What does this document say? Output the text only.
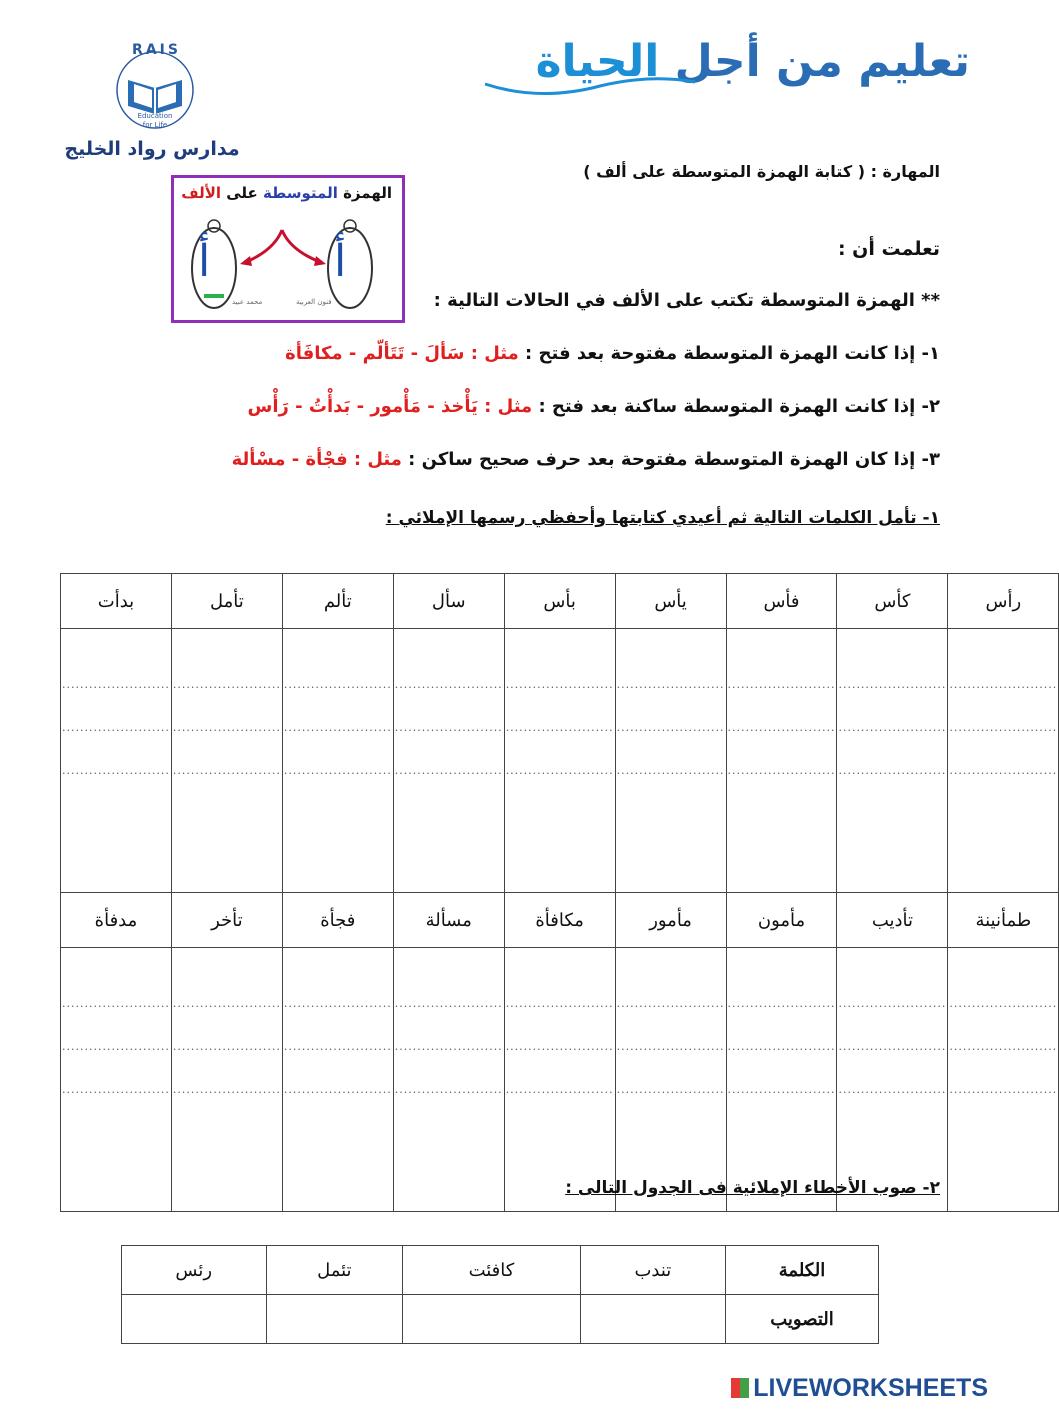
تعليم من أجل الحياة
RAIS
Education
for Life
مدارس رواد الخليج
المهارة : ( كتابة الهمزة المتوسطة على ألف )
الهمزة المتوسطة على الألف
أ
أ
فنون العربية
محمد عبيد
تعلمت أن :
** الهمزة المتوسطة تكتب على الألف في الحالات التالية :
١- إذا كانت الهمزة المتوسطة مفتوحة بعد فتح : مثل : سَألَ - تَتَألّم - مكافَأة
٢- إذا كانت الهمزة المتوسطة ساكنة بعد فتح : مثل : يَأْخذ - مَأْمور - بَدأْتُ - رَأْس
٣- إذا كان الهمزة المتوسطة مفتوحة بعد حرف صحيح ساكن : مثل : فجْأة - مسْألة
١- تأمل الكلمات التالية ثم أعيدي كتابتها وأحفظي رسمها الإملائي :
رأس	كأس	فأس	يأس	بأس	سأل	تألم	تأمل	بدأت

........................
........................
........................	........................
........................
........................	........................
........................
........................	........................
........................
........................	........................
........................
........................	........................
........................
........................	........................
........................
........................	........................
........................
........................	........................
........................
........................

طمأنينة	تأديب	مأمون	مأمور	مكافأة	مسألة	فجأة	تأخر	مدفأة

........................
........................
........................	........................
........................
........................	........................
........................
........................	........................
........................
........................	........................
........................
........................	........................
........................
........................	........................
........................
........................	........................
........................
........................	........................
........................
........................
٢- صوب الأخطاء الإملائية فى الجدول التالى :
الكلمة	تندب	كافئت	تئمل	رئس
التصويب				
LIVEWORKSHEETS
